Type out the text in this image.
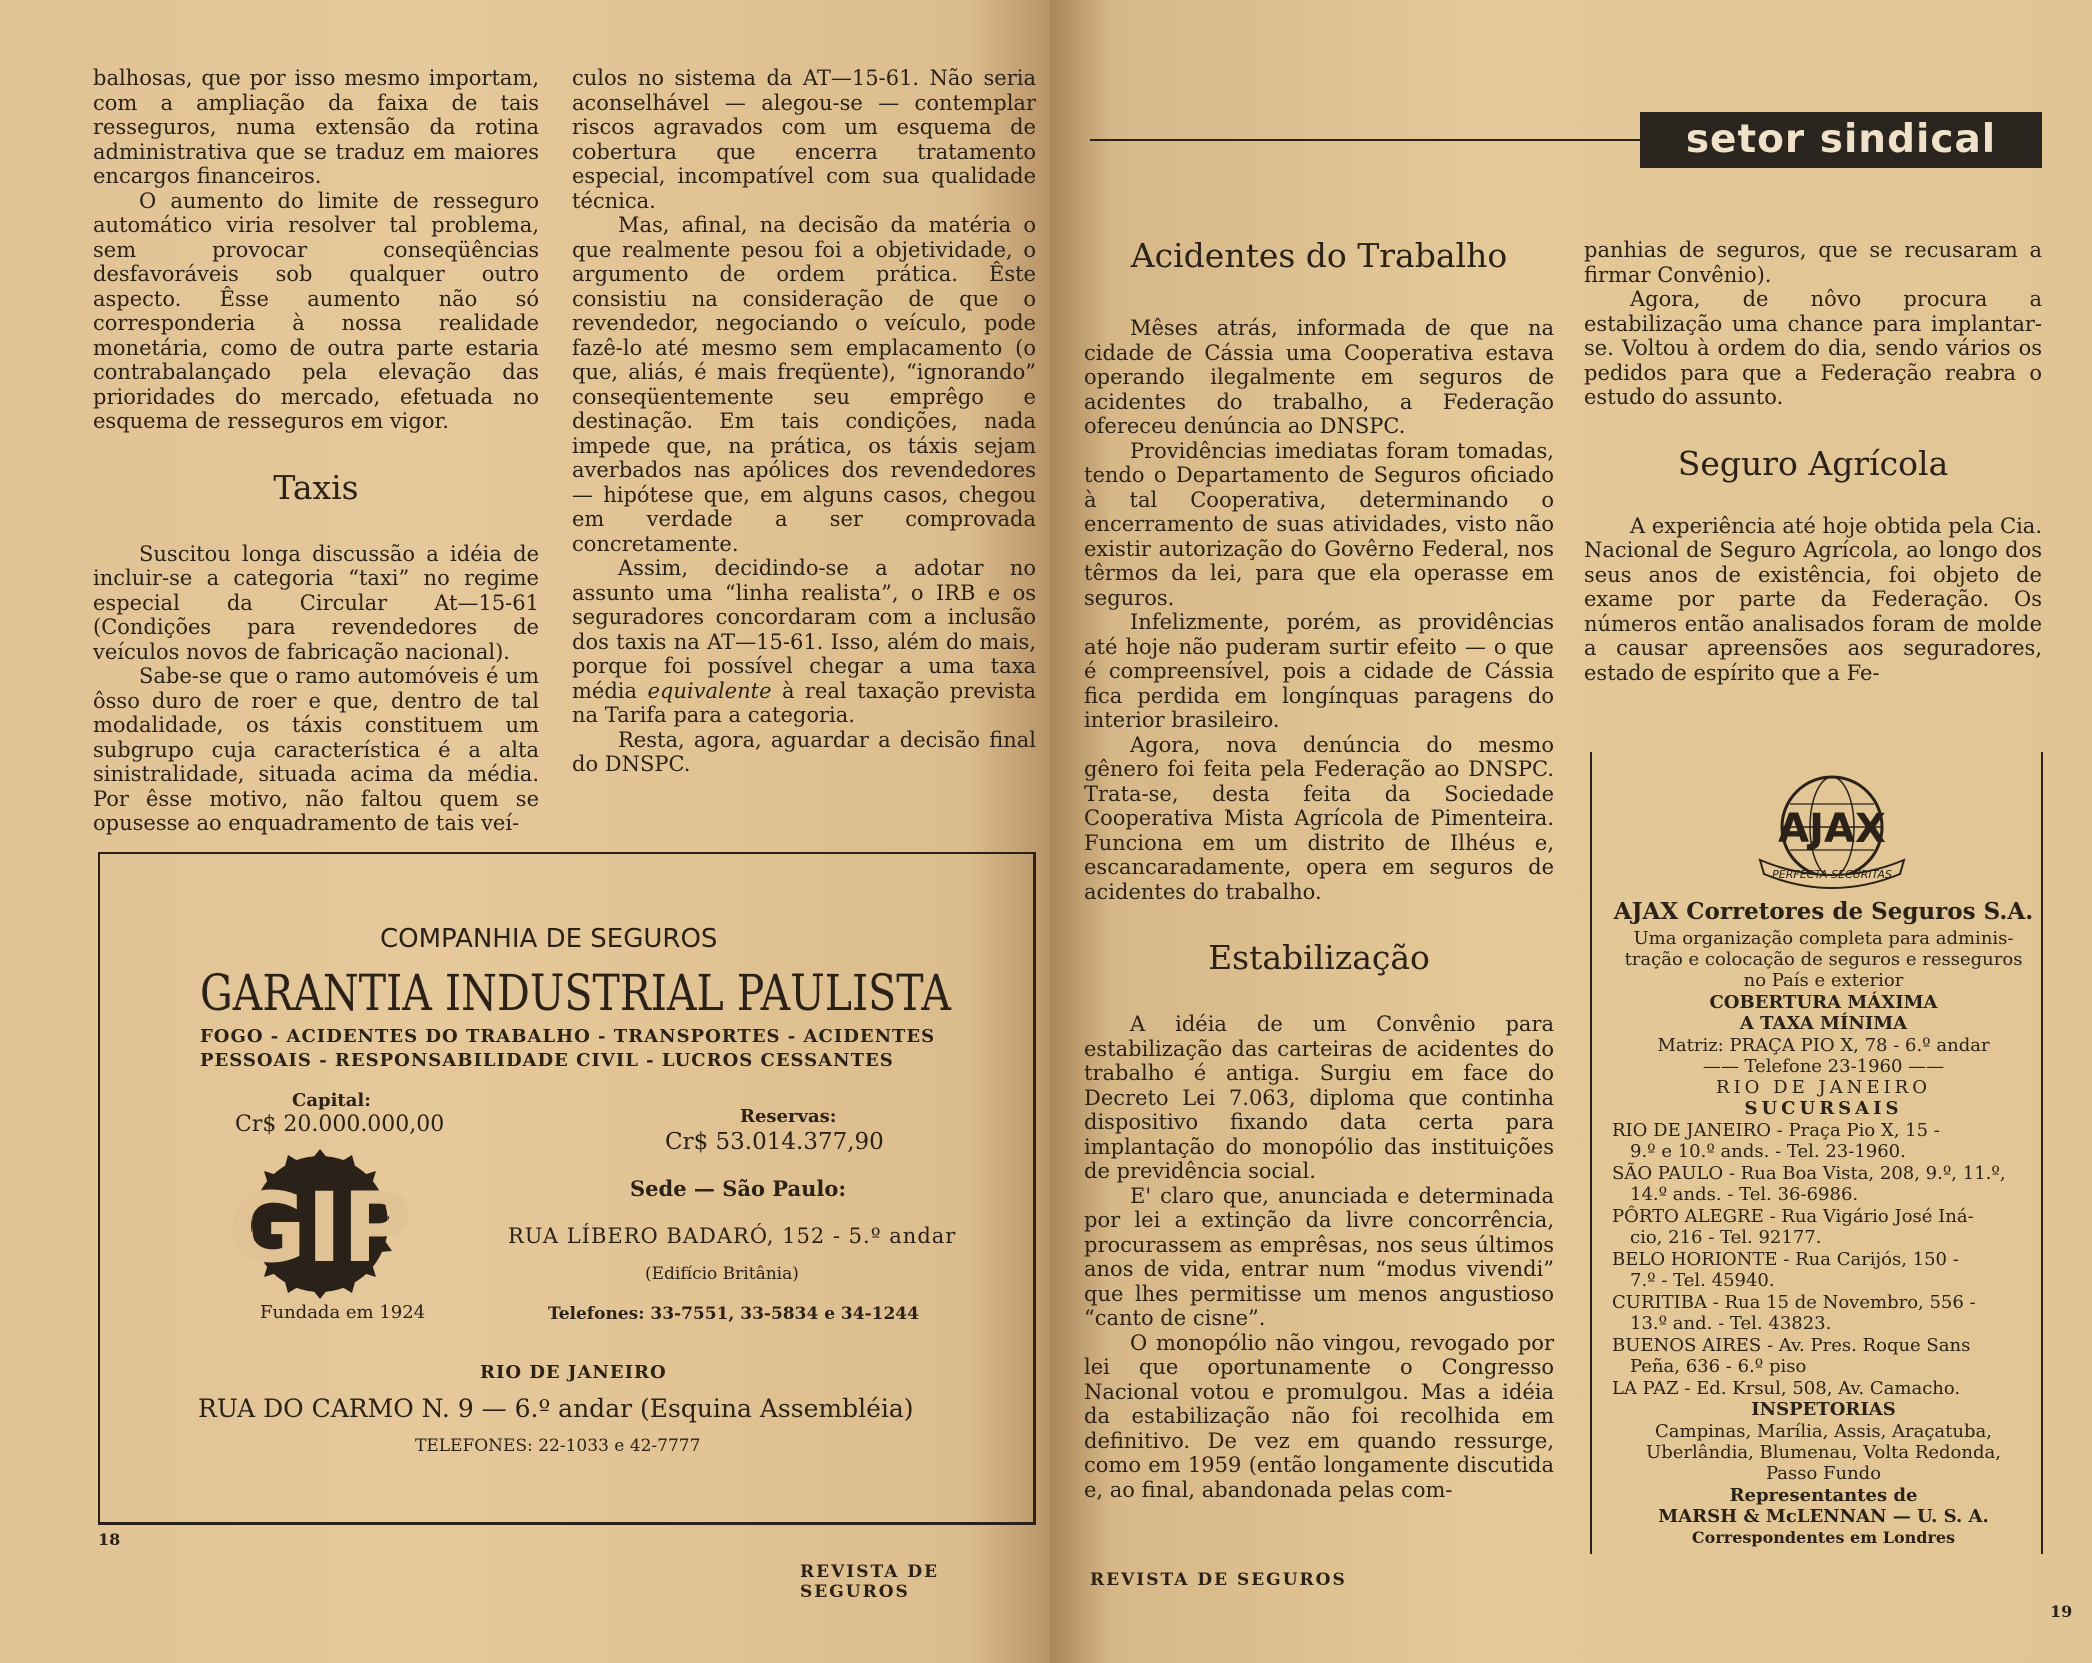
balhosas, que por isso mesmo importam, com a ampliação da faixa de tais resseguros, numa extensão da rotina administrativa que se traduz em maiores encargos financeiros.

O aumento do limite de resseguro automático viria resolver tal problema, sem provocar conseqüências desfavoráveis sob qualquer outro aspecto. Êsse aumento não só corresponderia à nossa realidade monetária, como de outra parte estaria contrabalançado pela elevação das prioridades do mercado, efetuada no esquema de resseguros em vigor.

Taxis

Suscitou longa discussão a idéia de incluir-se a categoria “taxi” no regime especial da Circular At—15-61 (Condições para revendedores de veículos novos de fabricação nacional).

Sabe-se que o ramo automóveis é um ôsso duro de roer e que, dentro de tal modalidade, os táxis constituem um subgrupo cuja característica é a alta sinistralidade, situada acima da média. Por êsse motivo, não faltou quem se opusesse ao enquadramento de tais veí-

culos no sistema da AT—15-61. Não seria aconselhável — alegou-se — contemplar riscos agravados com um esquema de cobertura que encerra tratamento especial, incompatível com sua qualidade técnica.

Mas, afinal, na decisão da matéria o que realmente pesou foi a objetividade, o argumento de ordem prática. Êste consistiu na consideração de que o revendedor, negociando o veículo, pode fazê-lo até mesmo sem emplacamento (o que, aliás, é mais freqüente), “ignorando” conseqüentemente seu emprêgo e destinação. Em tais condições, nada impede que, na prática, os táxis sejam averbados nas apólices dos revendedores — hipótese que, em alguns casos, chegou em verdade a ser comprovada concretamente.

Assim, decidindo-se a adotar no assunto uma “linha realista”, o IRB e os seguradores concordaram com a inclusão dos taxis na AT—15-61. Isso, além do mais, porque foi possível chegar a uma taxa média equivalente à real taxação prevista na Tarifa para a categoria.

Resta, agora, aguardar a decisão final do DNSPC.

COMPANHIA DE SEGUROS
GARANTIA INDUSTRIAL PAULISTA
FOGO - ACIDENTES DO TRABALHO - TRANSPORTES - ACIDENTES
PESSOAIS - RESPONSABILIDADE CIVIL - LUCROS CESSANTES
Capital:
Cr$ 20.000.000,00	Reservas:
Cr$ 53.014.377,90
GIP
Fundada em 1924
Sede — São Paulo:
RUA LÍBERO BADARÓ, 152 - 5.º andar
(Edifício Britânia)
Telefones: 33-7551, 33-5834 e 34-1244
RIO DE JANEIRO
RUA DO CARMO N. 9 — 6.º andar (Esquina Assembléia)
TELEFONES: 22-1033 e 42-7777
18
REVISTA DE SEGUROS
setor sindical
Acidentes do Trabalho

Mêses atrás, informada de que na cidade de Cássia uma Cooperativa estava operando ilegalmente em seguros de acidentes do trabalho, a Federação ofereceu denúncia ao DNSPC.

Providências imediatas foram tomadas, tendo o Departamento de Seguros oficiado à tal Cooperativa, determinando o encerramento de suas atividades, visto não existir autorização do Govêrno Federal, nos têrmos da lei, para que ela operasse em seguros.

Infelizmente, porém, as providências até hoje não puderam surtir efeito — o que é compreensível, pois a cidade de Cássia fica perdida em longínquas paragens do interior brasileiro.

Agora, nova denúncia do mesmo gênero foi feita pela Federação ao DNSPC. Trata-se, desta feita da Sociedade Cooperativa Mista Agrícola de Pimenteira. Funciona em um distrito de Ilhéus e, escancaradamente, opera em seguros de acidentes do trabalho.

Estabilização

A idéia de um Convênio para estabilização das carteiras de acidentes do trabalho é antiga. Surgiu em face do Decreto Lei 7.063, diploma que continha dispositivo fixando data certa para implantação do monopólio das instituições de previdência social.

E' claro que, anunciada e determinada por lei a extinção da livre concorrência, procurassem as emprêsas, nos seus últimos anos de vida, entrar num “modus vivendi” que lhes permitisse um menos angustioso “canto de cisne”.

O monopólio não vingou, revogado por lei que oportunamente o Congresso Nacional votou e promulgou. Mas a idéia da estabilização não foi recolhida em definitivo. De vez em quando ressurge, como em 1959 (então longamente discutida e, ao final, abandonada pelas com-

panhias de seguros, que se recusaram a firmar Convênio).

Agora, de nôvo procura a estabilização uma chance para implantar-se. Voltou à ordem do dia, sendo vários os pedidos para que a Federação reabra o estudo do assunto.

Seguro Agrícola

A experiência até hoje obtida pela Cia. Nacional de Seguro Agrícola, ao longo dos seus anos de existência, foi objeto de exame por parte da Federação. Os números então analisados foram de molde a causar apreensões aos seguradores, estado de espírito que a Fe-

AJAX
PERFECTA SECURITAS
AJAX Corretores de Seguros S.A.
Uma organização completa para adminis-
tração e colocação de seguros e resseguros
no País e exterior
COBERTURA MÁXIMA
A TAXA MÍNIMA
Matriz: PRAÇA PIO X, 78 - 6.º andar
—— Telefone 23-1960 ——
RIO DE JANEIRO
SUCURSAIS
RIO DE JANEIRO - Praça Pio X, 15 -
9.º e 10.º ands. - Tel. 23-1960.
SÃO PAULO - Rua Boa Vista, 208, 9.º, 11.º,
14.º ands. - Tel. 36-6986.
PÔRTO ALEGRE - Rua Vigário José Iná-
cio, 216 - Tel. 92177.
BELO HORIONTE - Rua Carijós, 150 -
7.º - Tel. 45940.
CURITIBA - Rua 15 de Novembro, 556 -
13.º and. - Tel. 43823.
BUENOS AIRES - Av. Pres. Roque Sans
Peña, 636 - 6.º piso
LA PAZ - Ed. Krsul, 508, Av. Camacho.
INSPETORIAS
Campinas, Marília, Assis, Araçatuba,
Uberlândia, Blumenau, Volta Redonda,
Passo Fundo
Representantes de
MARSH & McLENNAN — U. S. A.
Correspondentes em Londres
REVISTA DE SEGUROS
19
